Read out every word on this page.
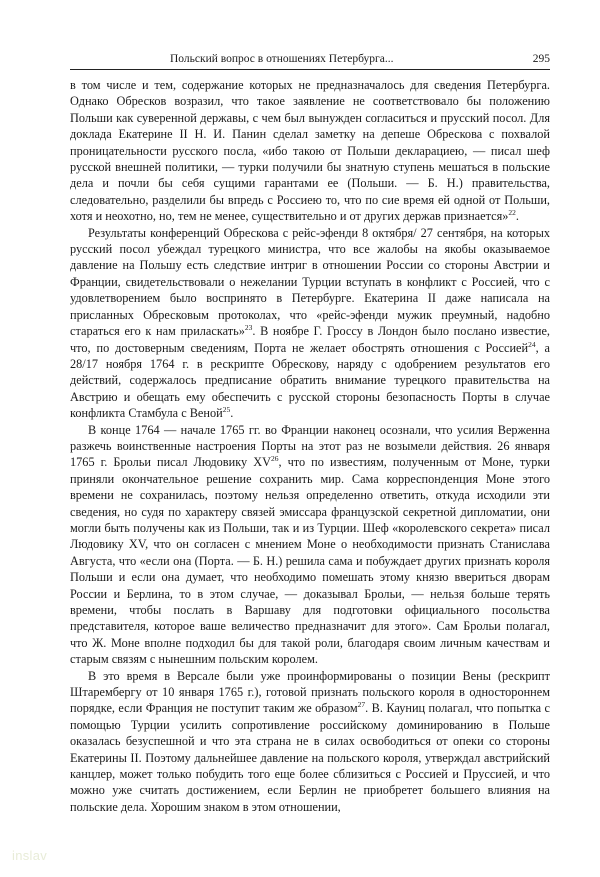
Польский вопрос в отношениях Петербурга...	295

в том числе и тем, содержание которых не предназначалось для сведения Петербурга. Однако Обресков возразил, что такое заявление не соответствовало бы положению Польши как суверенной державы, с чем был вынужден согласиться и прусский посол. Для доклада Екатерине II Н. И. Панин сделал заметку на депеше Обрескова с похвалой проницательности русского посла, «ибо такою от Польши декларациею, — писал шеф русской внешней политики, — турки получили бы знатную ступень мешаться в польские дела и почли бы себя сущими гарантами ее (Польши. — Б. Н.) правительства, следовательно, разделили бы впредь с Россиею то, что по сие время ей одной от Польши, хотя и неохотно, но, тем не менее, существительно и от других держав признается»$^{22}$.

Результаты конференций Обрескова с рейс-эфенди 8 октября/ 27 сентября, на которых русский посол убеждал турецкого министра, что все жалобы на якобы оказываемое давление на Польшу есть следствие интриг в отношении России со стороны Австрии и Франции, свидетельствовали о нежелании Турции вступать в конфликт с Россией, что с удовлетворением было воспринято в Петербурге. Екатерина II даже написала на присланных Обресковым протоколах, что «рейс-эфенди мужик преумный, надобно стараться его к нам приласкать»$^{23}$. В ноябре Г. Гроссу в Лондон было послано известие, что, по достоверным сведениям, Порта не желает обострять отношения с Россией$^{24}$, а 28/17 ноября 1764 г. в рескрипте Обрескову, наряду с одобрением результатов его действий, содержалось предписание обратить внимание турецкого правительства на Австрию и обещать ему обеспечить с русской стороны безопасность Порты в случае конфликта Стамбула с Веной$^{25}$.

В конце 1764 — начале 1765 гг. во Франции наконец осознали, что усилия Верженна разжечь воинственные настроения Порты на этот раз не возымели действия. 26 января 1765 г. Брольи писал Людовику XV$^{26}$, что по известиям, полученным от Моне, турки приняли окончательное решение сохранить мир. Сама корреспонденция Моне этого времени не сохранилась, поэтому нельзя определенно ответить, откуда исходили эти сведения, но судя по характеру связей эмиссара французской секретной дипломатии, они могли быть получены как из Польши, так и из Турции. Шеф «королевского секрета» писал Людовику XV, что он согласен с мнением Моне о необходимости признать Станислава Августа, что «если она (Порта. — Б. Н.) решила сама и побуждает других признать короля Польши и если она думает, что необходимо помешать этому князю ввериться дворам России и Берлина, то в этом случае, — доказывал Брольи, — нельзя больше терять времени, чтобы послать в Варшаву для подготовки официального посольства представителя, которое ваше величество предназначит для этого». Сам Брольи полагал, что Ж. Моне вполне подходил бы для такой роли, благодаря своим личным качествам и старым связям с нынешним польским королем.

В это время в Версале были уже проинформированы о позиции Вены (рескрипт Штарембергу от 10 января 1765 г.), готовой признать польского короля в одностороннем порядке, если Франция не поступит таким же образом$^{27}$. В. Кауниц полагал, что попытка с помощью Турции усилить сопротивление российскому доминированию в Польше оказалась безуспешной и что эта страна не в силах освободиться от опеки со стороны Екатерины II. Поэтому дальнейшее давление на польского короля, утверждал австрийский канцлер, может только побудить того еще более сблизиться с Россией и Пруссией, и что можно уже считать достижением, если Берлин не приобретет большего влияния на польские дела. Хорошим знаком в этом отношении,

inslav
